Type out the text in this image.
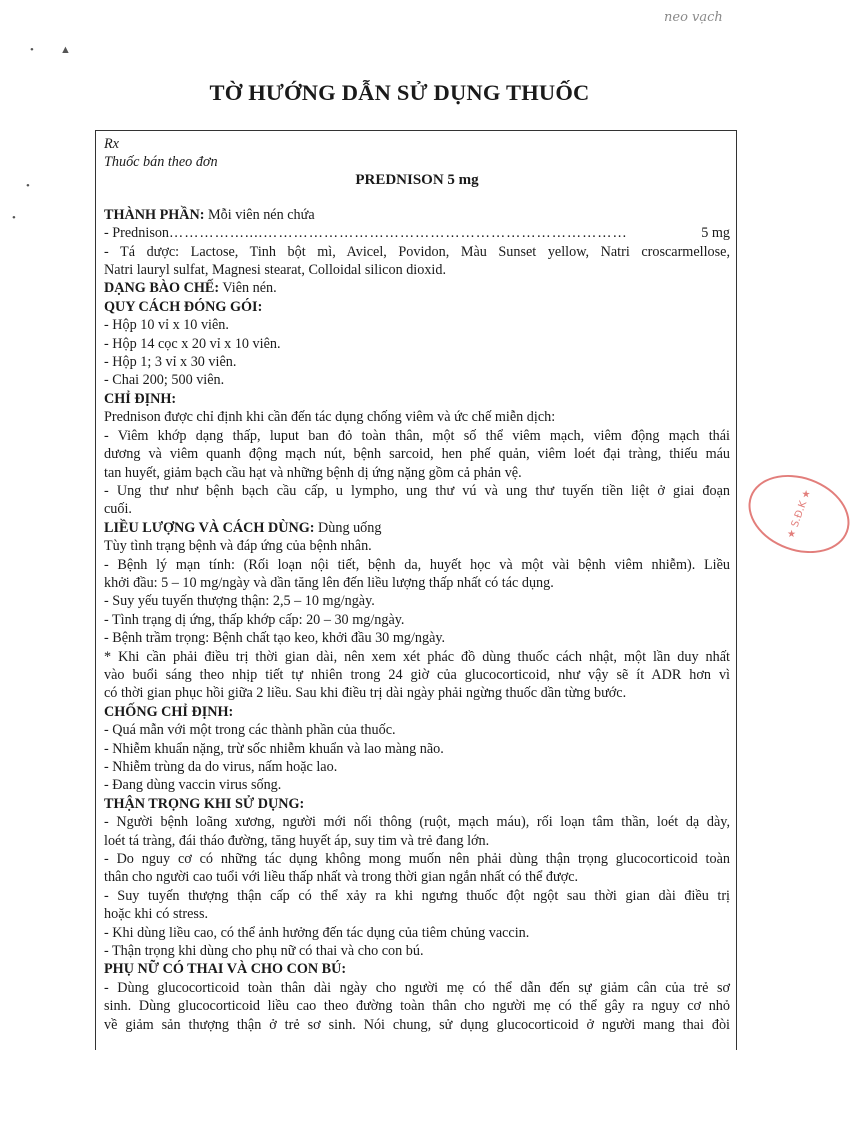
neo vạch
• ▲
•
•
★ S.Đ.K ★
TỜ HƯỚNG DẪN SỬ DỤNG THUỐC
Rx
Thuốc bán theo đơn
PREDNISON 5 mg
THÀNH PHẦN: Mỗi viên nén chứa
- Prednison ……………....………………………………………………………………	5 mg
- Tá dược: Lactose, Tinh bột mì, Avicel, Povidon, Màu Sunset yellow, Natri croscarmellose,
Natri lauryl sulfat, Magnesi stearat, Colloidal silicon dioxid.
DẠNG BÀO CHẾ: Viên nén.
QUY CÁCH ĐÓNG GÓI:
- Hộp 10 vỉ x 10 viên.
- Hộp 14 cọc x 20 vỉ x 10 viên.
- Hộp 1; 3 vỉ x 30 viên.
- Chai 200; 500 viên.
CHỈ ĐỊNH:
Prednison được chỉ định khi cần đến tác dụng chống viêm và ức chế miễn dịch:
- Viêm khớp dạng thấp, luput ban đỏ toàn thân, một số thể viêm mạch, viêm động mạch thái
dương và viêm quanh động mạch nút, bệnh sarcoid, hen phế quản, viêm loét đại tràng, thiếu máu
tan huyết, giảm bạch cầu hạt và những bệnh dị ứng nặng gồm cả phản vệ.
- Ung thư như bệnh bạch cầu cấp, u lympho, ung thư vú và ung thư tuyến tiền liệt ở giai đoạn
cuối.
LIỀU LƯỢNG VÀ CÁCH DÙNG: Dùng uống
Tùy tình trạng bệnh và đáp ứng của bệnh nhân.
- Bệnh lý mạn tính: (Rối loạn nội tiết, bệnh da, huyết học và một vài bệnh viêm nhiễm). Liều
khởi đầu: 5 – 10 mg/ngày và dần tăng lên đến liều lượng thấp nhất có tác dụng.
- Suy yếu tuyến thượng thận: 2,5 – 10 mg/ngày.
- Tình trạng dị ứng, thấp khớp cấp: 20 – 30 mg/ngày.
- Bệnh trầm trọng: Bệnh chất tạo keo, khởi đầu 30 mg/ngày.
* Khi cần phải điều trị thời gian dài, nên xem xét phác đồ dùng thuốc cách nhật, một lần duy nhất
vào buổi sáng theo nhịp tiết tự nhiên trong 24 giờ của glucocorticoid, như vậy sẽ ít ADR hơn vì
có thời gian phục hồi giữa 2 liều. Sau khi điều trị dài ngày phải ngừng thuốc dần từng bước.
CHỐNG CHỈ ĐỊNH:
- Quá mẫn với một trong các thành phần của thuốc.
- Nhiễm khuẩn nặng, trừ sốc nhiễm khuẩn và lao màng não.
- Nhiễm trùng da do virus, nấm hoặc lao.
- Đang dùng vaccin virus sống.
THẬN TRỌNG KHI SỬ DỤNG:
- Người bệnh loãng xương, người mới nối thông (ruột, mạch máu), rối loạn tâm thần, loét dạ dày,
loét tá tràng, đái tháo đường, tăng huyết áp, suy tim và trẻ đang lớn.
- Do nguy cơ có những tác dụng không mong muốn nên phải dùng thận trọng glucocorticoid toàn
thân cho người cao tuổi với liều thấp nhất và trong thời gian ngắn nhất có thể được.
- Suy tuyến thượng thận cấp có thể xảy ra khi ngưng thuốc đột ngột sau thời gian dài điều trị
hoặc khi có stress.
- Khi dùng liều cao, có thể ảnh hưởng đến tác dụng của tiêm chủng vaccin.
- Thận trọng khi dùng cho phụ nữ có thai và cho con bú.
PHỤ NỮ CÓ THAI VÀ CHO CON BÚ:
- Dùng glucocorticoid toàn thân dài ngày cho người mẹ có thể dẫn đến sự giảm cân của trẻ sơ
sinh. Dùng glucocorticoid liều cao theo đường toàn thân cho người mẹ có thể gây ra nguy cơ nhỏ
về giảm sản thượng thận ở trẻ sơ sinh. Nói chung, sử dụng glucocorticoid ở người mang thai đòi
